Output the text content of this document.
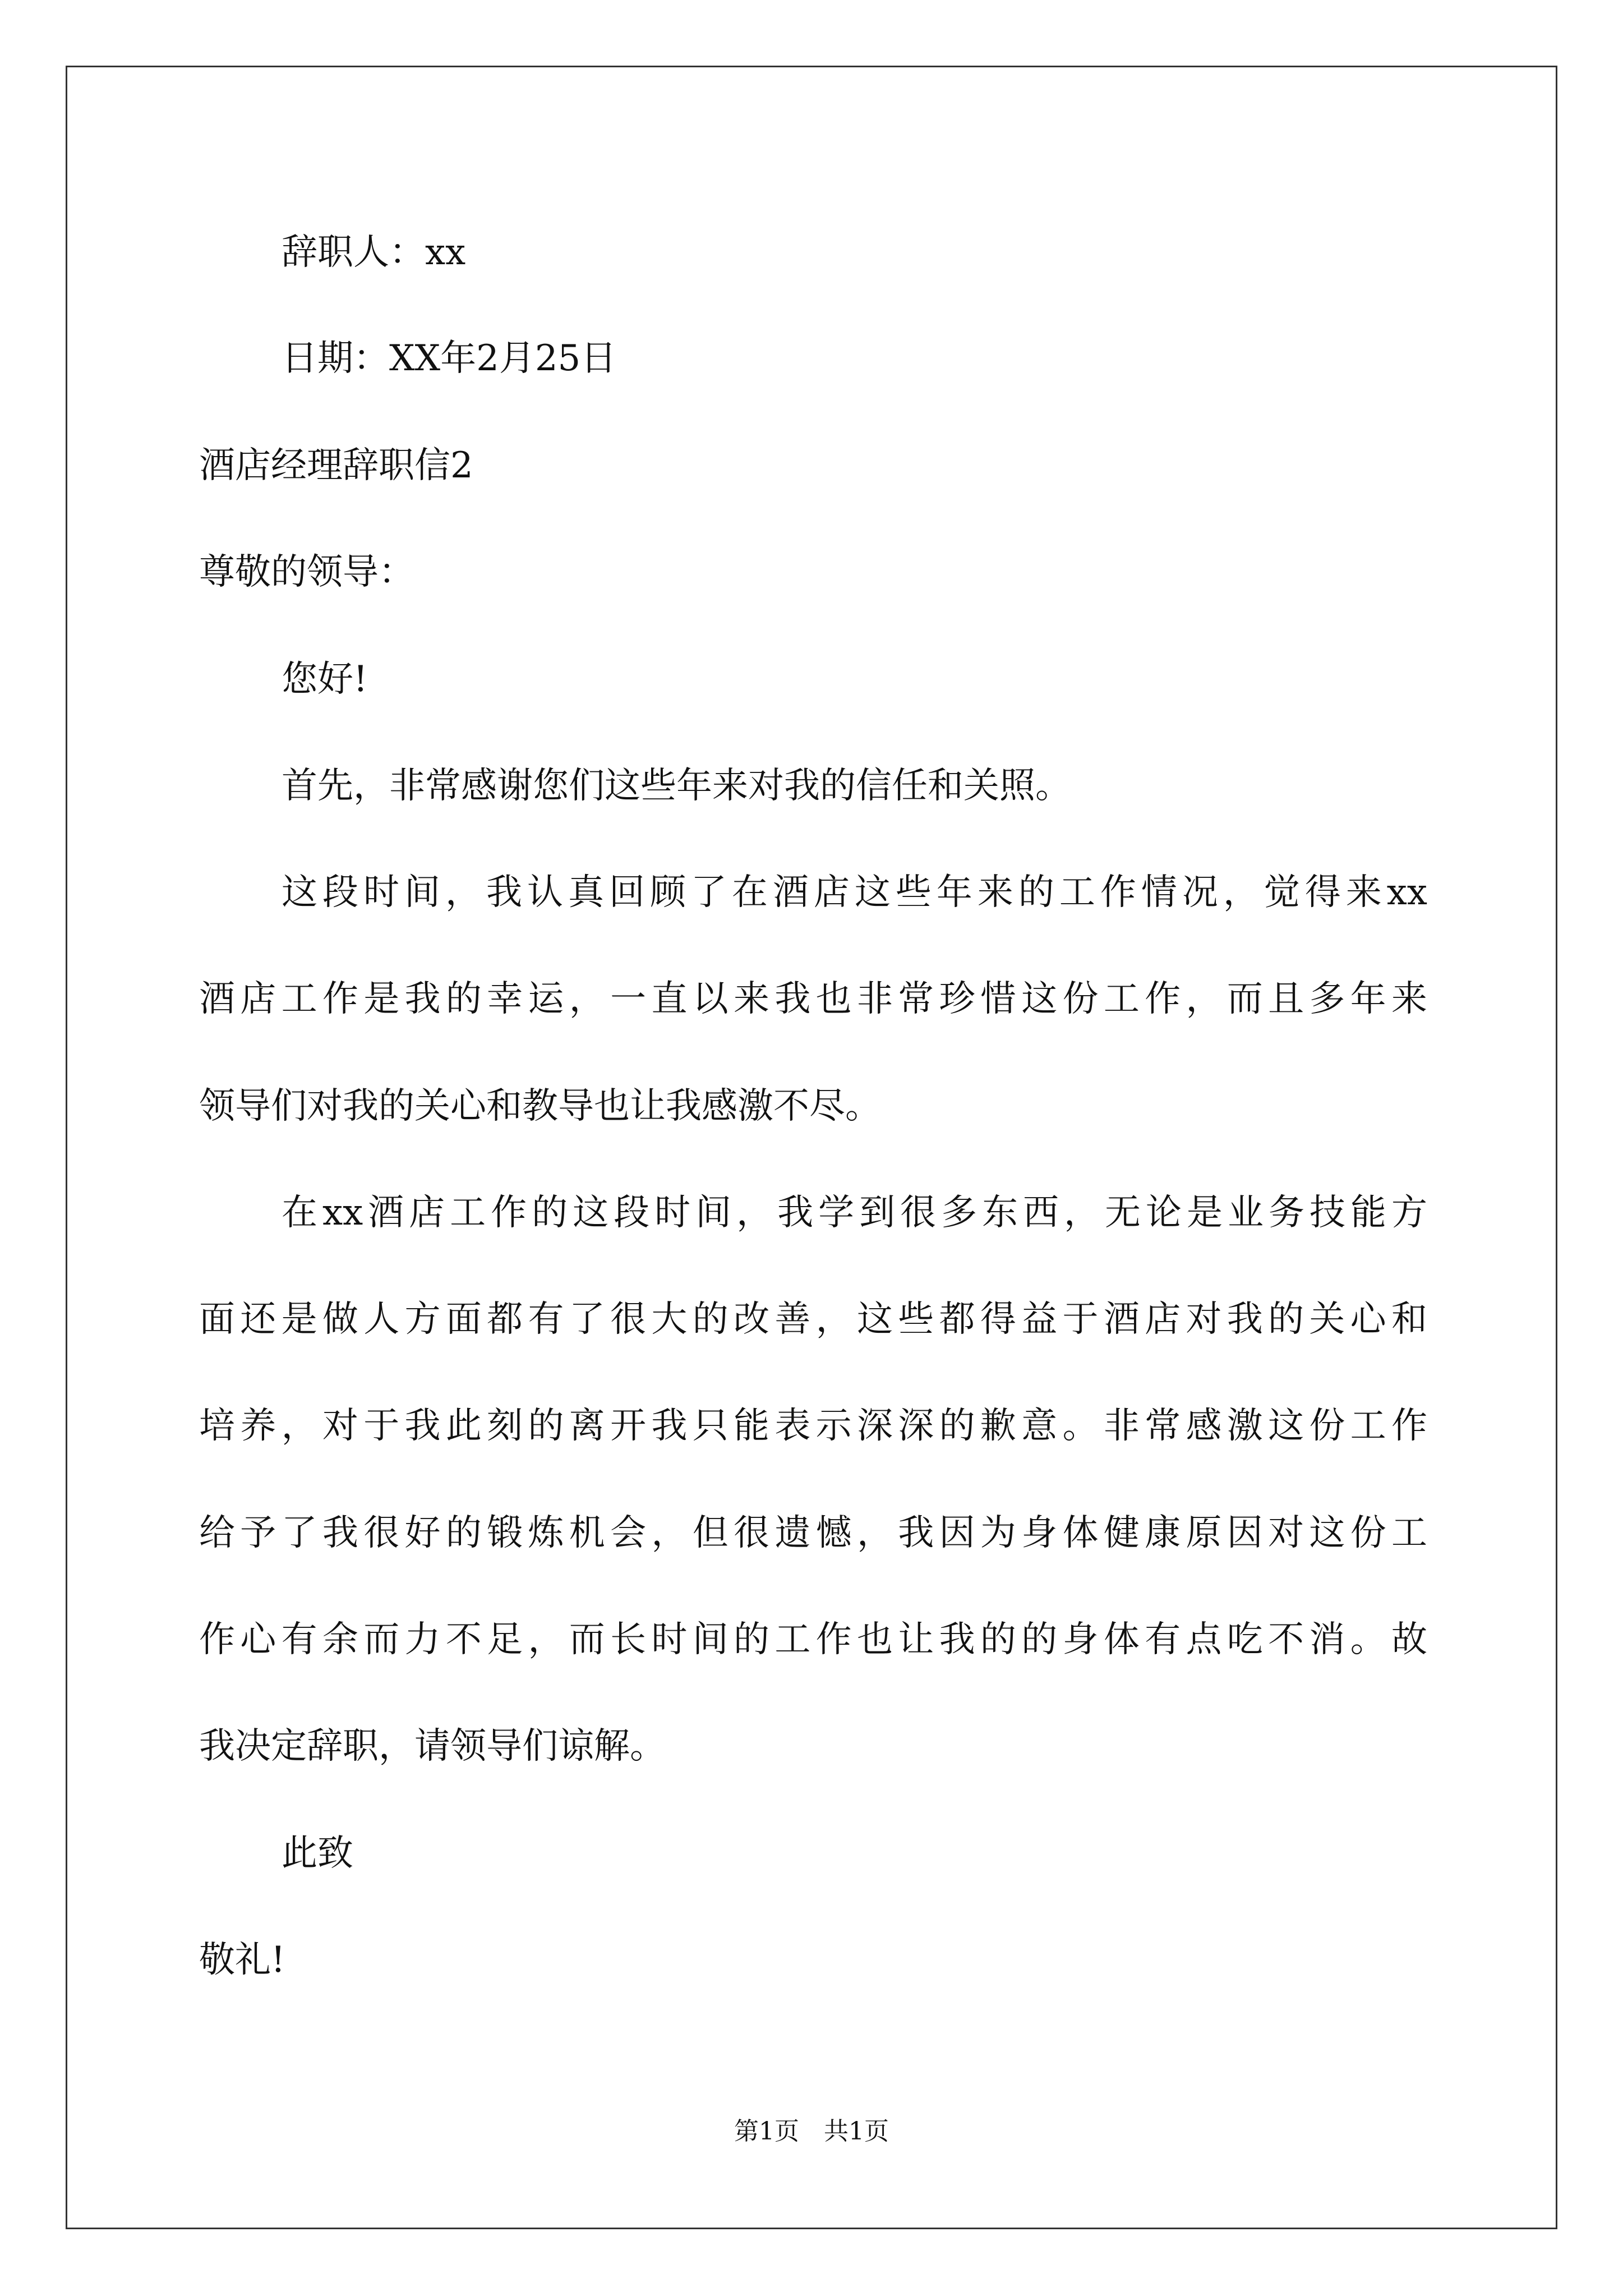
辞职人：xx
日期：XX年2月25日
酒店经理辞职信2
尊敬的领导：
您好!
首先，非常感谢您们这些年来对我的信任和关照。
这段时间，我认真回顾了在酒店这些年来的工作情况，觉得来xx
酒店工作是我的幸运，一直以来我也非常珍惜这份工作，而且多年来
领导们对我的关心和教导也让我感激不尽。
在xx酒店工作的这段时间，我学到很多东西，无论是业务技能方
面还是做人方面都有了很大的改善，这些都得益于酒店对我的关心和
培养，对于我此刻的离开我只能表示深深的歉意。非常感激这份工作
给予了我很好的锻炼机会，但很遗憾，我因为身体健康原因对这份工
作心有余而力不足，而长时间的工作也让我的的身体有点吃不消。故
我决定辞职，请领导们谅解。
此致
敬礼!
第1页　共1页
